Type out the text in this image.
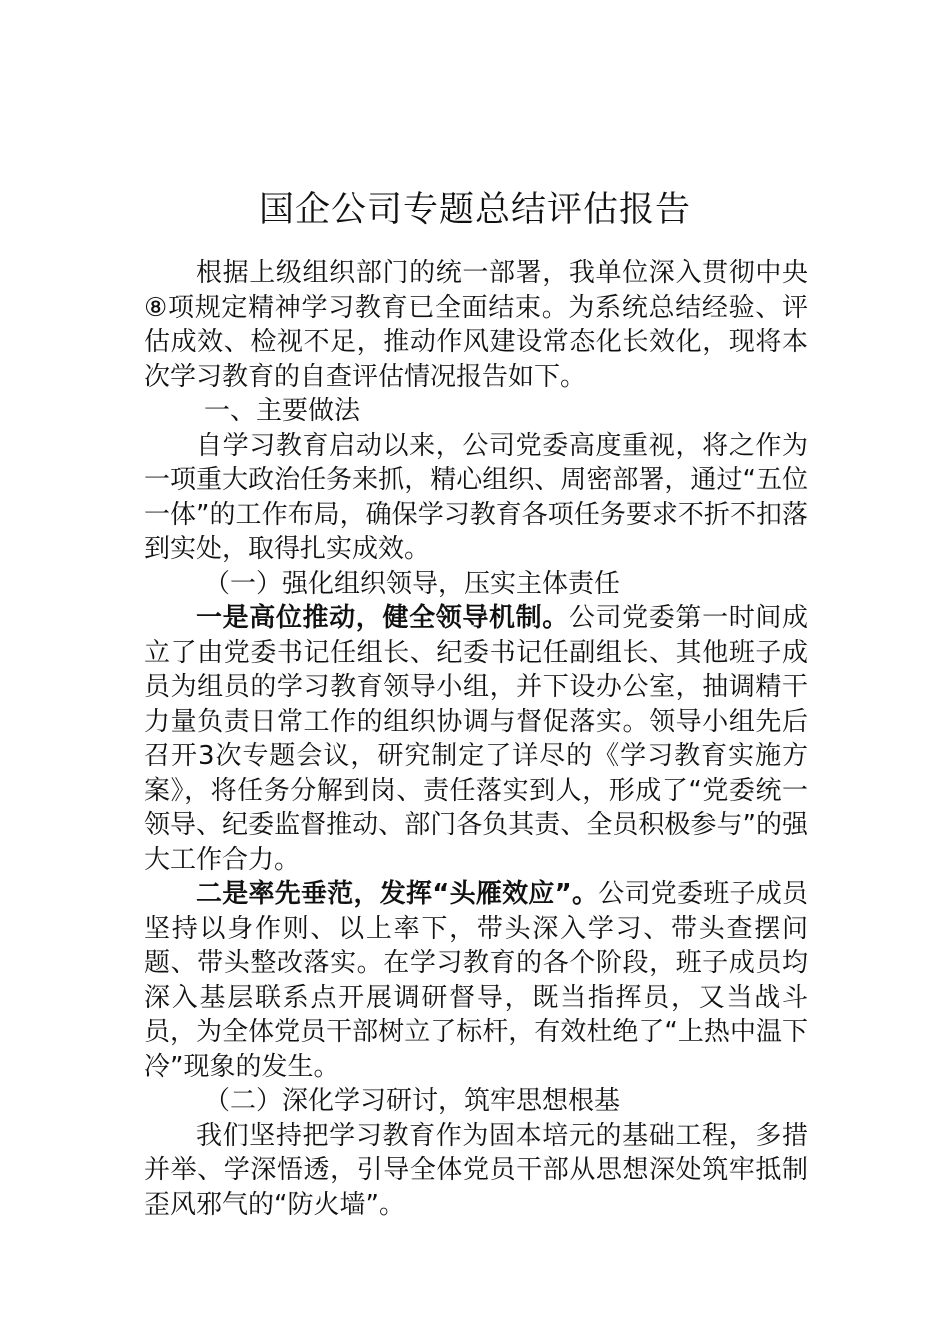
国企公司专题总结评估报告

根据上级组织部门的统一部署，我单位深入贯彻中央⑧项规定精神学习教育已全面结束。为系统总结经验、评估成效、检视不足，推动作风建设常态化长效化，现将本次学习教育的自查评估情况报告如下。

一、主要做法

自学习教育启动以来，公司党委高度重视，将之作为一项重大政治任务来抓，精心组织、周密部署，通过“五位一体”的工作布局，确保学习教育各项任务要求不折不扣落到实处，取得扎实成效。

（一）强化组织领导，压实主体责任

一是高位推动，健全领导机制。公司党委第一时间成立了由党委书记任组长、纪委书记任副组长、其他班子成员为组员的学习教育领导小组，并下设办公室，抽调精干力量负责日常工作的组织协调与督促落实。领导小组先后召开3次专题会议，研究制定了详尽的《学习教育实施方案》，将任务分解到岗、责任落实到人，形成了“党委统一领导、纪委监督推动、部门各负其责、全员积极参与”的强大工作合力。

二是率先垂范，发挥“头雁效应”。公司党委班子成员坚持以身作则、以上率下，带头深入学习、带头查摆问题、带头整改落实。在学习教育的各个阶段，班子成员均深入基层联系点开展调研督导，既当指挥员，又当战斗员，为全体党员干部树立了标杆，有效杜绝了“上热中温下冷”现象的发生。

（二）深化学习研讨，筑牢思想根基

我们坚持把学习教育作为固本培元的基础工程，多措并举、学深悟透，引导全体党员干部从思想深处筑牢抵制歪风邪气的“防火墙”。
